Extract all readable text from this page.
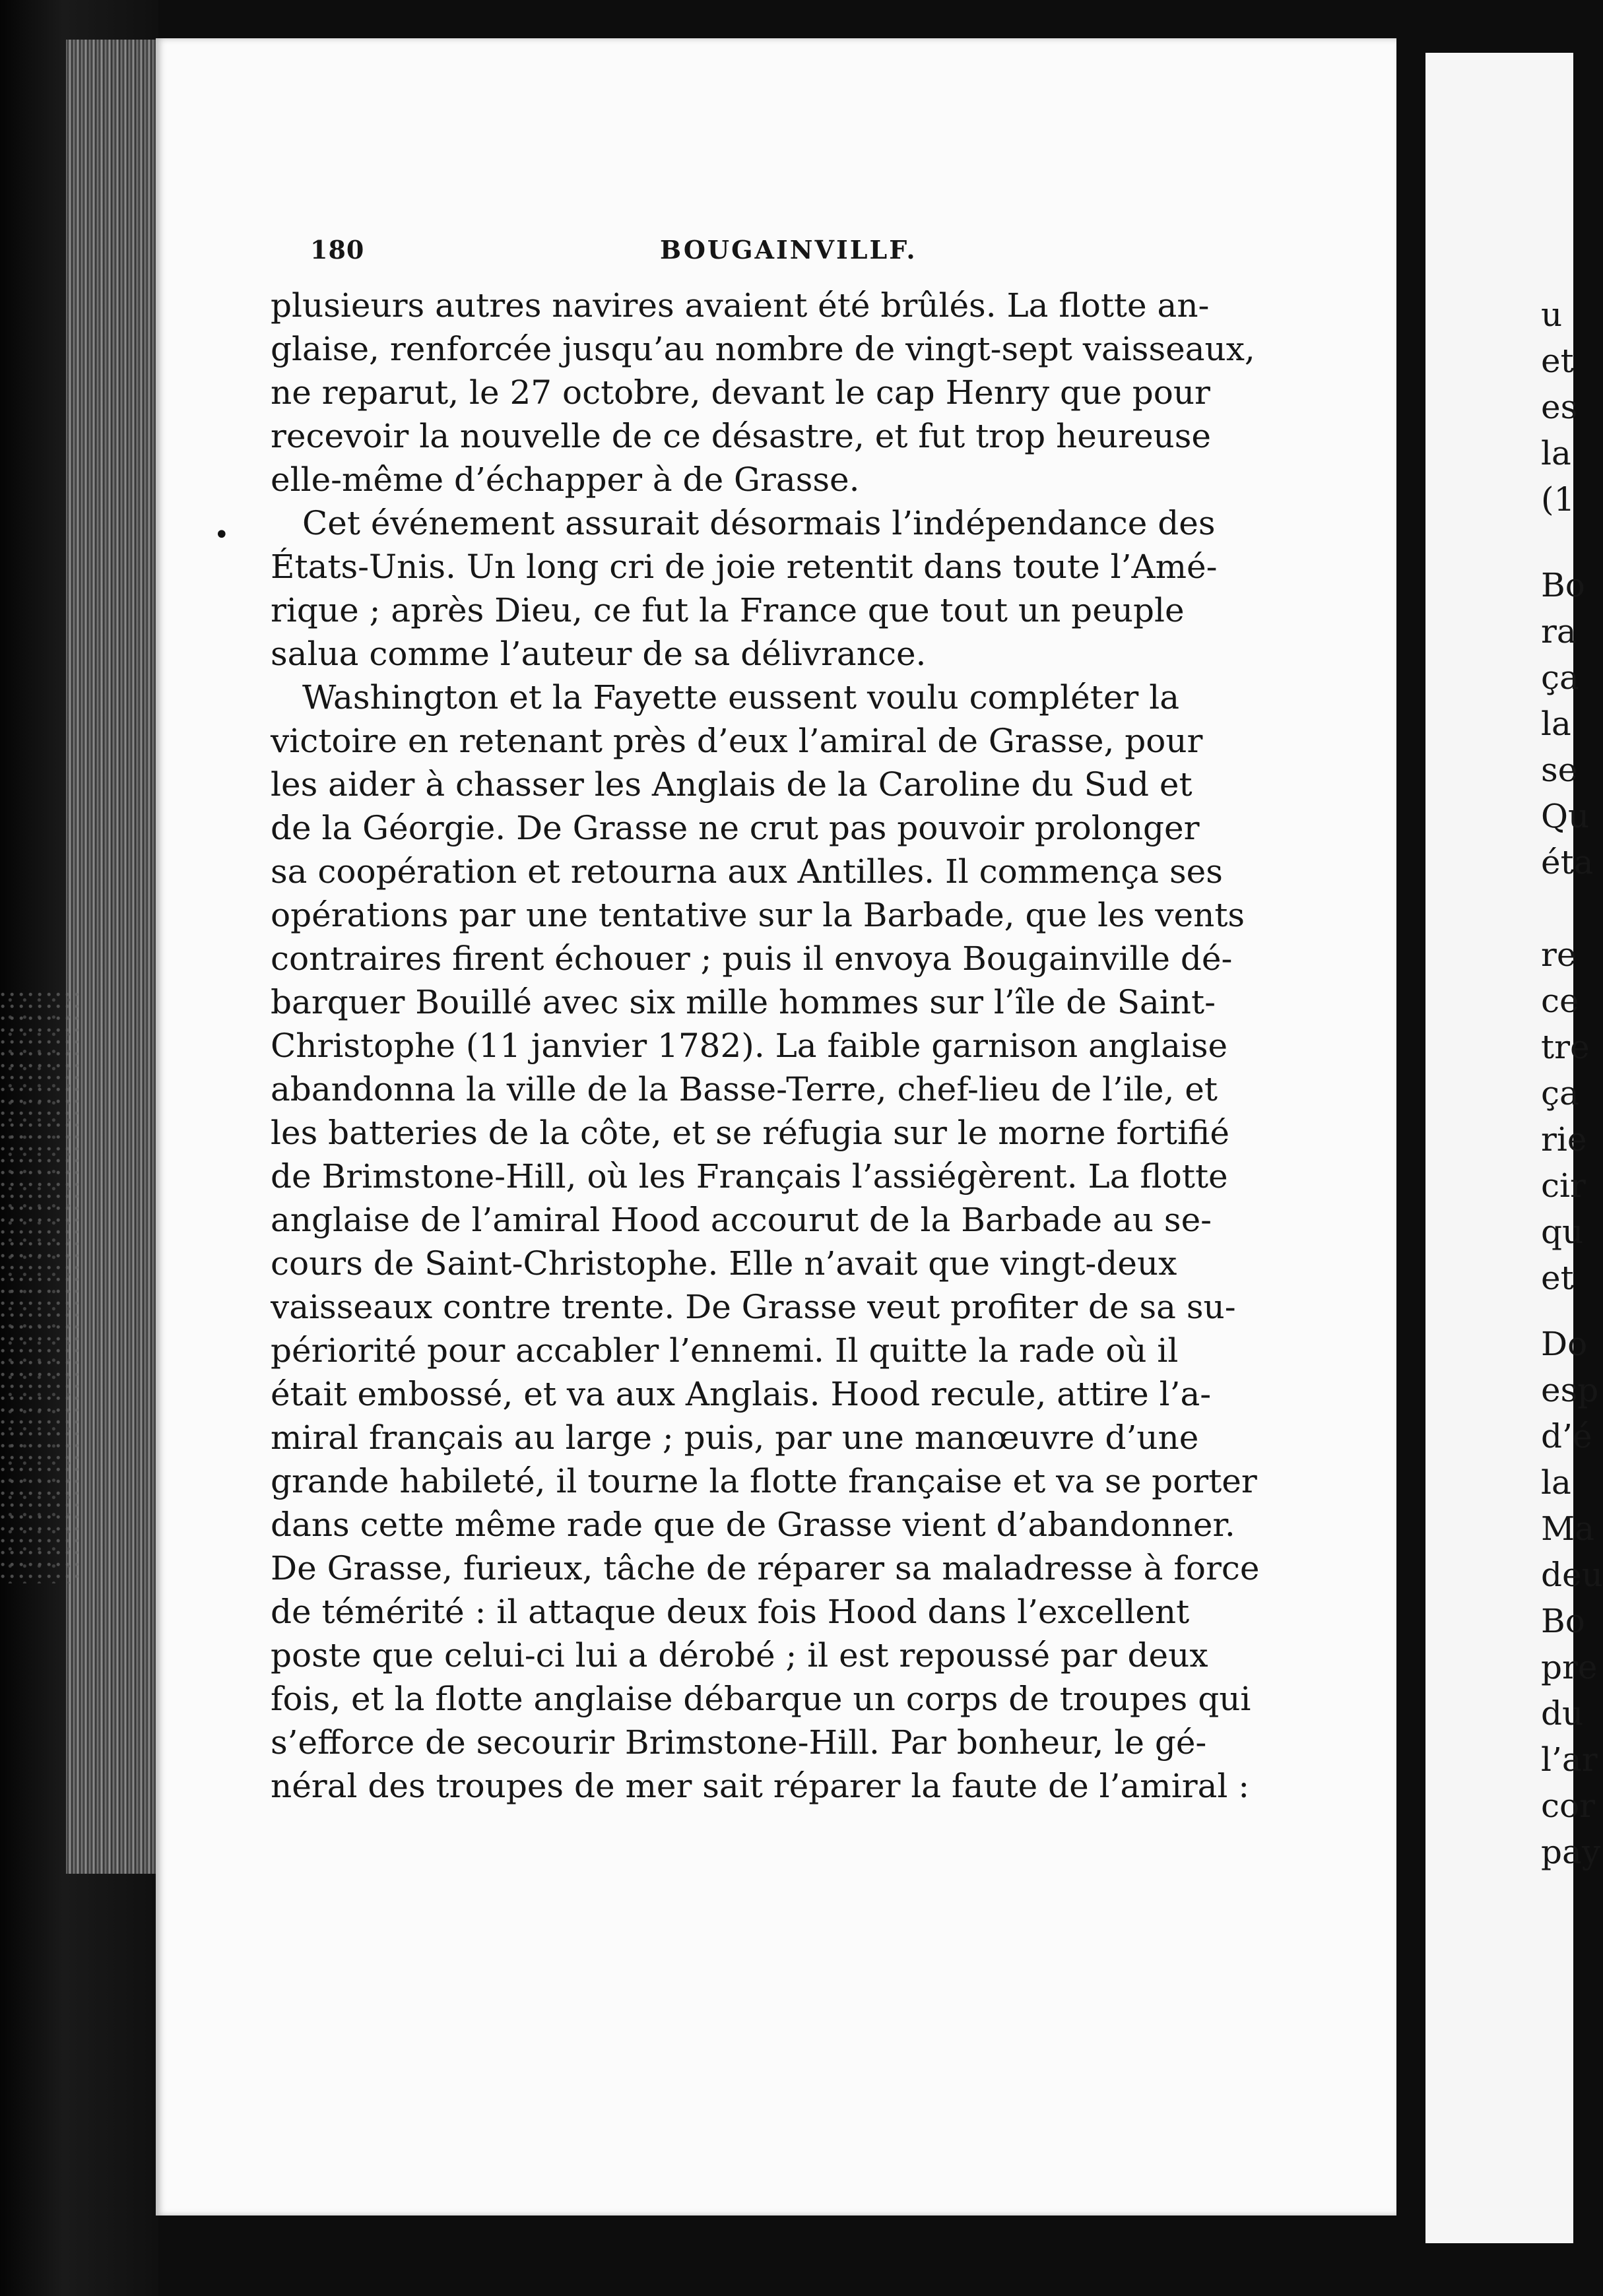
180	BOUGAINVILLF.
•
plusieurs autres navires avaient été brûlés. La flotte an-
glaise, renforcée jusqu’au nombre de vingt-sept vaisseaux,
ne reparut, le 27 octobre, devant le cap Henry que pour
recevoir la nouvelle de ce désastre, et fut trop heureuse
elle-même d’échapper à de Grasse.
Cet événement assurait désormais l’indépendance des
États-Unis. Un long cri de joie retentit dans toute l’Amé-
rique ; après Dieu, ce fut la France que tout un peuple
salua comme l’auteur de sa délivrance.
Washington et la Fayette eussent voulu compléter la
victoire en retenant près d’eux l’amiral de Grasse, pour
les aider à chasser les Anglais de la Caroline du Sud et
de la Géorgie. De Grasse ne crut pas pouvoir prolonger
sa coopération et retourna aux Antilles. Il commença ses
opérations par une tentative sur la Barbade, que les vents
contraires firent échouer ; puis il envoya Bougainville dé-
barquer Bouillé avec six mille hommes sur l’île de Saint-
Christophe (11 janvier 1782). La faible garnison anglaise
abandonna la ville de la Basse-Terre, chef-lieu de l’ile, et
les batteries de la côte, et se réfugia sur le morne fortifié
de Brimstone-Hill, où les Français l’assiégèrent. La flotte
anglaise de l’amiral Hood accourut de la Barbade au se-
cours de Saint-Christophe. Elle n’avait que vingt-deux
vaisseaux contre trente. De Grasse veut profiter de sa su-
périorité pour accabler l’ennemi. Il quitte la rade où il
était embossé, et va aux Anglais. Hood recule, attire l’a-
miral français au large ; puis, par une manœuvre d’une
grande habileté, il tourne la flotte française et va se porter
dans cette même rade que de Grasse vient d’abandonner.
De Grasse, furieux, tâche de réparer sa maladresse à force
de témérité : il attaque deux fois Hood dans l’excellent
poste que celui-ci lui a dérobé ; il est repoussé par deux
fois, et la flotte anglaise débarque un corps de troupes qui
s’efforce de secourir Brimstone-Hill. Par bonheur, le gé-
néral des troupes de mer sait réparer la faute de l’amiral :
u
et
es
la
(1
Bo
ra
ça
la
se
Qu
éta
re
ce
tre
ça
rie
cir
qu
et
Do
esp
d’é
la
Ma
deu
Bo
pre
du
l’ar
cor
pay
